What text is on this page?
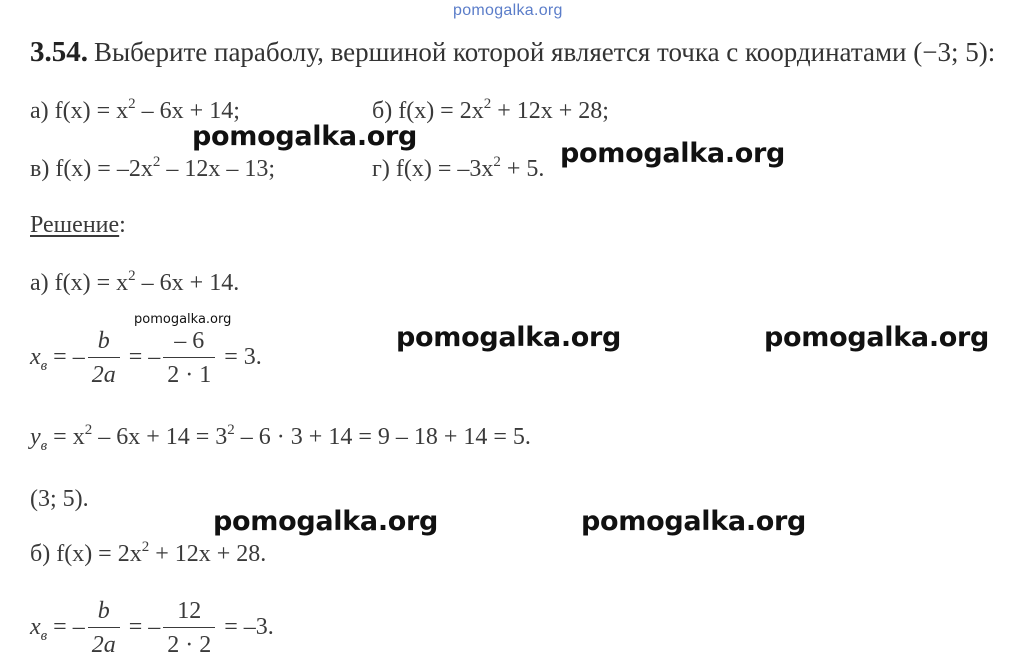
pomogalka.org
3.54. Выберите параболу, вершиной которой является точка с координатами (−3; 5):
а) $f(x) = x^2 - 6x + 14$;	б) $f(x) = 2x^2 + 12x + 28$;
в) $f(x) = -2x^2 - 12x - 13$;	г) $f(x) = -3x^2 + 5$.
pomogalka.org
pomogalka.org
Решение:
а) $f(x) = x^2 - 6x + 14$.
pomogalka.org
$x_в$ = – $\frac{b}{2a}$ = – $\frac{- 6}{2 \cdot 1} = 3$.
pomogalka.org	pomogalka.org
$y_в = x^2 - 6x + 14 = 3^2 - 6 \cdot 3 + 14 = 9 - 18 + 14 = 5$.
(3; 5).
pomogalka.org	pomogalka.org
б) $f(x) = 2x^2 + 12x + 28$.
$x_в$ = – $\frac{b}{2a}$ = – $\frac{12}{2 \cdot 2} = -3$.
